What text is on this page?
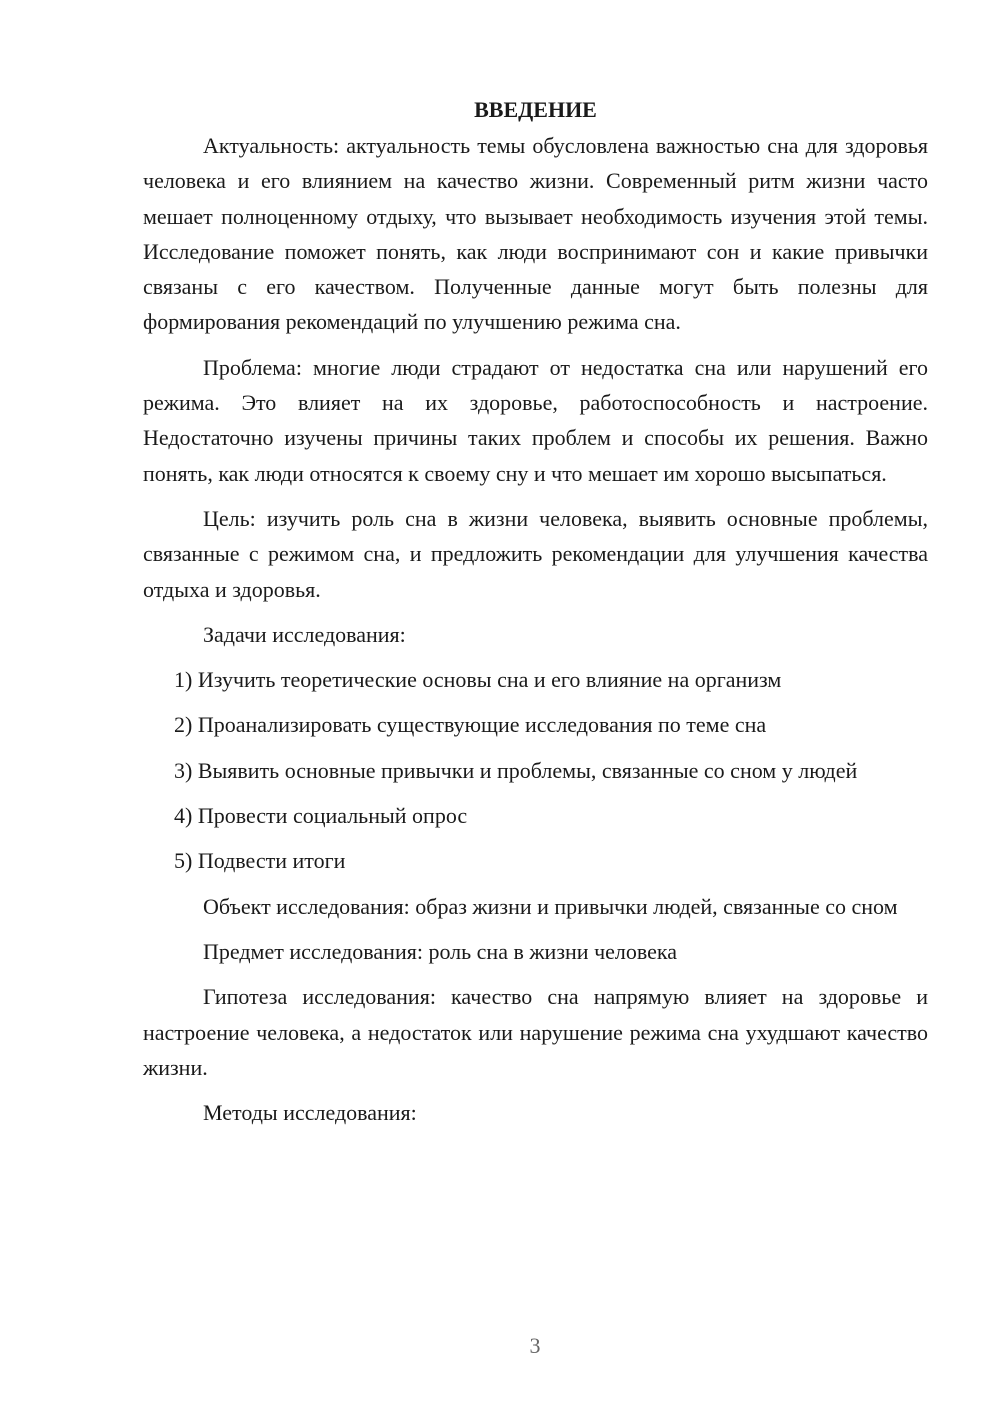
ВВЕДЕНИЕ

Актуальность: актуальность темы обусловлена важностью сна для здоровья человека и его влиянием на качество жизни. Современный ритм жизни часто мешает полноценному отдыху, что вызывает необходимость изучения этой темы. Исследование поможет понять, как люди воспринимают сон и какие привычки связаны с его качеством. Полученные данные могут быть полезны для формирования рекомендаций по улучшению режима сна.

Проблема: многие люди страдают от недостатка сна или нарушений его режима. Это влияет на их здоровье, работоспособность и настроение. Недостаточно изучены причины таких проблем и способы их решения. Важно понять, как люди относятся к своему сну и что мешает им хорошо высыпаться.

Цель: изучить роль сна в жизни человека, выявить основные проблемы, связанные с режимом сна, и предложить рекомендации для улучшения качества отдыха и здоровья.

Задачи исследования:

1) Изучить теоретические основы сна и его влияние на организм

2) Проанализировать существующие исследования по теме сна

3) Выявить основные привычки и проблемы, связанные со сном у людей

4) Провести социальный опрос

5) Подвести итоги

Объект исследования: образ жизни и привычки людей, связанные со сном

Предмет исследования: роль сна в жизни человека

Гипотеза исследования: качество сна напрямую влияет на здоровье и настроение человека, а недостаток или нарушение режима сна ухудшают качество жизни.

Методы исследования:

3
